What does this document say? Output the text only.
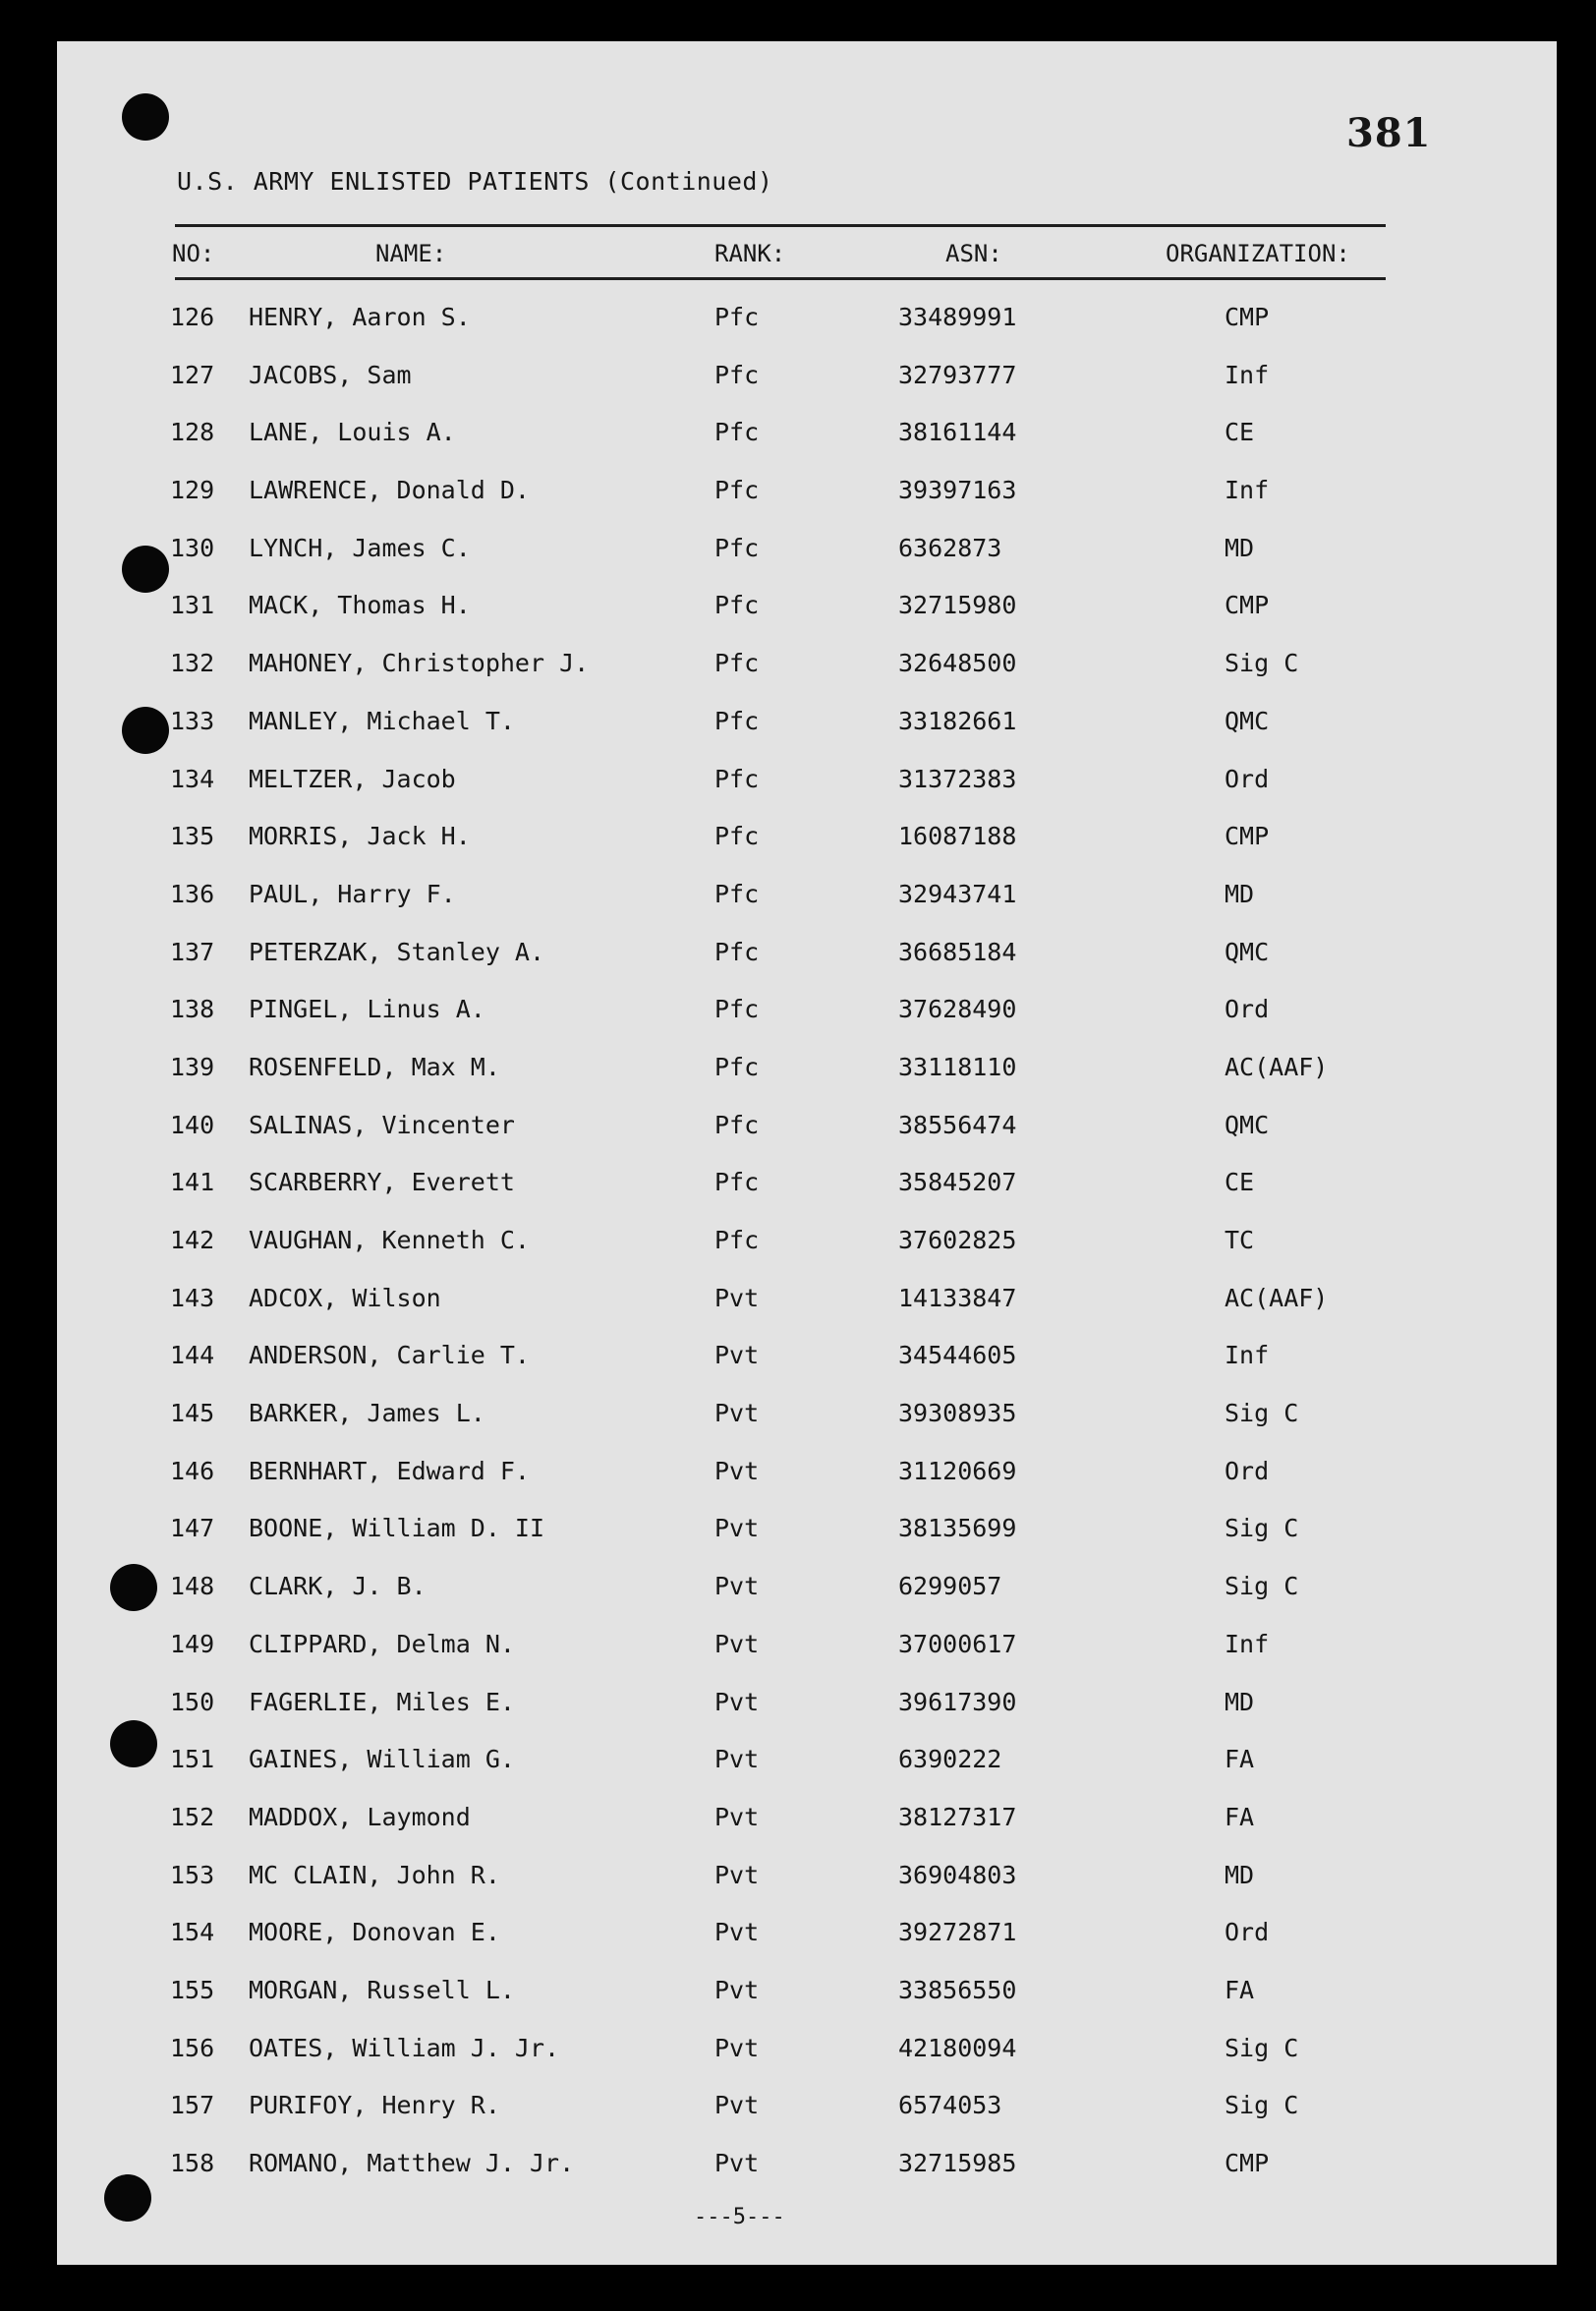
381
U.S. ARMY ENLISTED PATIENTS (Continued)
NO:	NAME:	RANK:	ASN:	ORGANIZATION:
126 HENRY, Aaron S.	Pfc	33489991	CMP
127 JACOBS, Sam	Pfc	32793777	Inf
128 LANE, Louis A.	Pfc	38161144	CE
129 LAWRENCE, Donald D.	Pfc	39397163	Inf
130 LYNCH, James C.	Pfc	6362873	MD
131 MACK, Thomas H.	Pfc	32715980	CMP
132 MAHONEY, Christopher J.	Pfc	32648500	Sig C
133 MANLEY, Michael T.	Pfc	33182661	QMC
134 MELTZER, Jacob	Pfc	31372383	Ord
135 MORRIS, Jack H.	Pfc	16087188	CMP
136 PAUL, Harry F.	Pfc	32943741	MD
137 PETERZAK, Stanley A.	Pfc	36685184	QMC
138 PINGEL, Linus A.	Pfc	37628490	Ord
139 ROSENFELD, Max M.	Pfc	33118110	AC(AAF)
140 SALINAS, Vincenter	Pfc	38556474	QMC
141 SCARBERRY, Everett	Pfc	35845207	CE
142 VAUGHAN, Kenneth C.	Pfc	37602825	TC
143 ADCOX, Wilson	Pvt	14133847	AC(AAF)
144 ANDERSON, Carlie T.	Pvt	34544605	Inf
145 BARKER, James L.	Pvt	39308935	Sig C
146 BERNHART, Edward F.	Pvt	31120669	Ord
147 BOONE, William D. II	Pvt	38135699	Sig C
148 CLARK, J. B.	Pvt	6299057	Sig C
149 CLIPPARD, Delma N.	Pvt	37000617	Inf
150 FAGERLIE, Miles E.	Pvt	39617390	MD
151 GAINES, William G.	Pvt	6390222	FA
152 MADDOX, Laymond	Pvt	38127317	FA
153 MC CLAIN, John R.	Pvt	36904803	MD
154 MOORE, Donovan E.	Pvt	39272871	Ord
155 MORGAN, Russell L.	Pvt	33856550	FA
156 OATES, William J. Jr.	Pvt	42180094	Sig C
157 PURIFOY, Henry R.	Pvt	6574053	Sig C
158 ROMANO, Matthew J. Jr.	Pvt	32715985	CMP
---5---
